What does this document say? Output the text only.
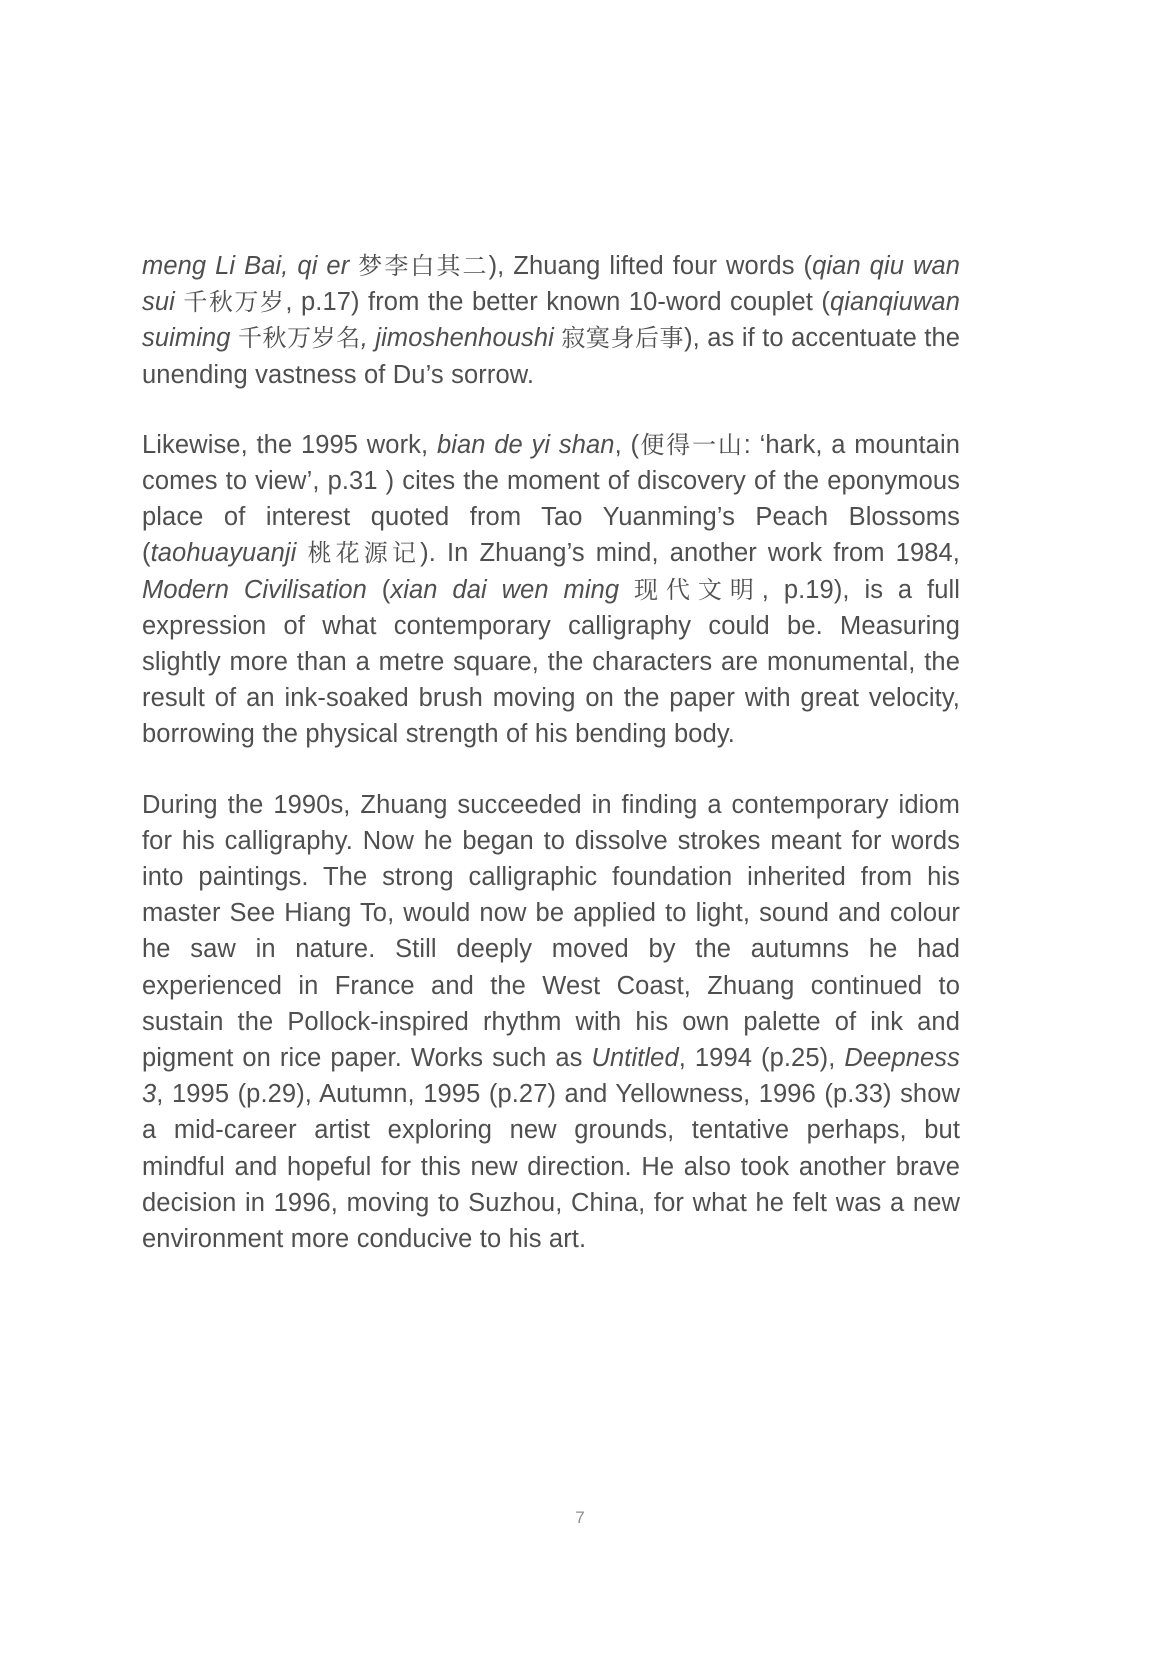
meng Li Bai, qi er 梦李白其二), Zhuang lifted four words (qian qiu wan sui 千秋万岁, p.17) from the better known 10-word couplet (qianqiuwan suiming 千秋万岁名, jimoshenhoushi 寂寞身后事), as if to accentuate the unending vastness of Du’s sorrow.

Likewise, the 1995 work, bian de yi shan, (便得一山: ‘hark, a mountain comes to view’, p.31 ) cites the moment of discovery of the eponymous place of interest quoted from Tao Yuanming’s Peach Blossoms (taohuayuanji 桃花源记). In Zhuang’s mind, another work from 1984, Modern Civilisation (xian dai wen ming 现代文明, p.19), is a full expression of what contemporary calligraphy could be. Measuring slightly more than a metre square, the characters are monumental, the result of an ink-soaked brush moving on the paper with great velocity, borrowing the physical strength of his bending body.

During the 1990s, Zhuang succeeded in finding a contemporary idiom for his calligraphy. Now he began to dissolve strokes meant for words into paintings. The strong calligraphic foundation inherited from his master See Hiang To, would now be applied to light, sound and colour he saw in nature. Still deeply moved by the autumns he had experienced in France and the West Coast, Zhuang continued to sustain the Pollock-inspired rhythm with his own palette of ink and pigment on rice paper. Works such as Untitled, 1994 (p.25), Deepness 3, 1995 (p.29), Autumn, 1995 (p.27) and Yellowness, 1996 (p.33) show a mid-career artist exploring new grounds, tentative perhaps, but mindful and hopeful for this new direction. He also took another brave decision in 1996, moving to Suzhou, China, for what he felt was a new environment more conducive to his art.

7
